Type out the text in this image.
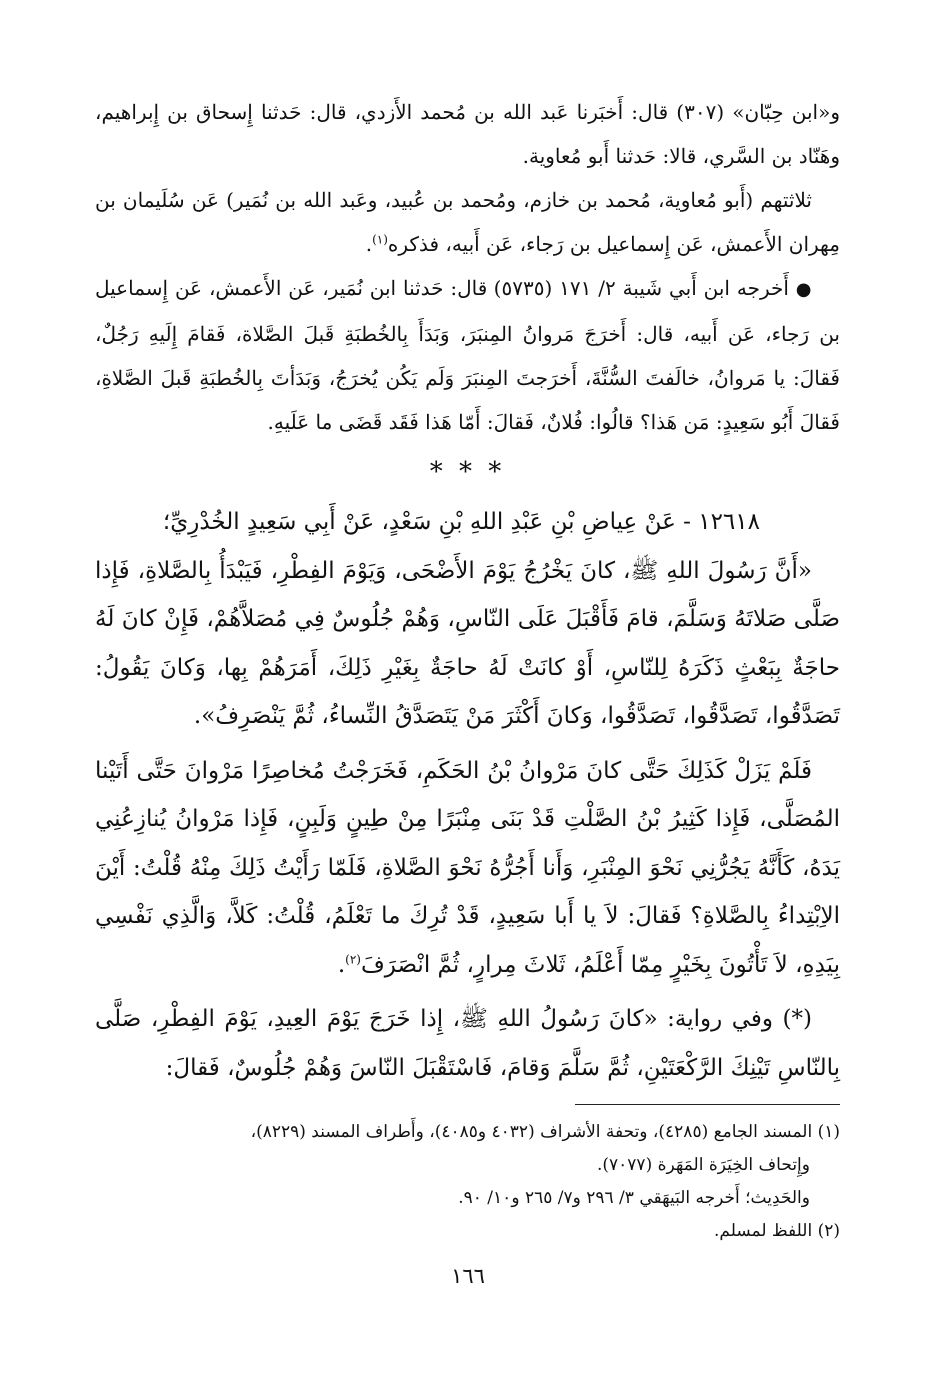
و«ابن حِبّان» (٣٠٧) قال: أَخبَرنا عَبد الله بن مُحمد الأَزدي، قال: حَدثنا إِسحاق بن إِبراهيم، وهَنّاد بن السَّري، قالا: حَدثنا أَبو مُعاوية.

ثلاثتهم (أَبو مُعاوية، مُحمد بن خازم، ومُحمد بن عُبيد، وعَبد الله بن نُمَير) عَن سُلَيمان بن مِهران الأَعمش، عَن إِسماعيل بن رَجاء، عَن أَبيه، فذكره$^{(١)}$.

● أَخرجه ابن أَبي شَيبة ٢/ ١٧١ (٥٧٣٥) قال: حَدثنا ابن نُمَير، عَن الأَعمش، عَن إِسماعيل بن رَجاء، عَن أَبيه، قال: أَخرَجَ مَروانُ المِنبَرَ، وَبَدَأَ بِالخُطبَةِ قَبلَ الصَّلاة، فَقامَ إِلَيهِ رَجُلٌ، فَقالَ: يا مَروانُ، خالَفتَ السُّنَّةَ، أَخرَجتَ المِنبَرَ وَلَم يَكُن يُخرَجُ، وَبَدَأتَ بِالخُطبَةِ قَبلَ الصَّلاةِ، فَقالَ أَبُو سَعِيدٍ: مَن هَذا؟ قالُوا: فُلانٌ، فَقالَ: أَمّا هَذا فَقَد قَضَى ما عَلَيهِ.

* * *

١٢٦١٨ - عَنْ عِياضِ بْنِ عَبْدِ اللهِ بْنِ سَعْدٍ، عَنْ أَبِي سَعِيدٍ الخُدْرِيِّ؛

«أَنَّ رَسُولَ اللهِ ﷺ، كانَ يَخْرُجُ يَوْمَ الأَضْحَى، وَيَوْمَ الفِطْرِ، فَيَبْدَأُ بِالصَّلاةِ، فَإِذا صَلَّى صَلاتَهُ وَسَلَّمَ، قامَ فَأَقْبَلَ عَلَى النّاسِ، وَهُمْ جُلُوسٌ فِي مُصَلاَّهُمْ، فَإِنْ كانَ لَهُ حاجَةٌ بِبَعْثٍ ذَكَرَهُ لِلنّاسِ، أَوْ كانَتْ لَهُ حاجَةٌ بِغَيْرِ ذَلِكَ، أَمَرَهُمْ بِها، وَكانَ يَقُولُ: تَصَدَّقُوا، تَصَدَّقُوا، تَصَدَّقُوا، وَكانَ أَكْثَرَ مَنْ يَتَصَدَّقُ النِّساءُ، ثُمَّ يَنْصَرِفُ».

فَلَمْ يَزَلْ كَذَلِكَ حَتَّى كانَ مَرْوانُ بْنُ الحَكَمِ، فَخَرَجْتُ مُخاصِرًا مَرْوانَ حَتَّى أَتَيْنا المُصَلَّى، فَإِذا كَثِيرُ بْنُ الصَّلْتِ قَدْ بَنَى مِنْبَرًا مِنْ طِينٍ وَلَبِنٍ، فَإِذا مَرْوانُ يُنازِعُنِي يَدَهُ، كَأَنَّهُ يَجُرُّنِي نَحْوَ المِنْبَرِ، وَأَنا أَجُرُّهُ نَحْوَ الصَّلاةِ، فَلَمّا رَأَيْتُ ذَلِكَ مِنْهُ قُلْتُ: أَيْنَ الاِبْتِداءُ بِالصَّلاةِ؟ فَقالَ: لاَ يا أَبا سَعِيدٍ، قَدْ تُرِكَ ما تَعْلَمُ، قُلْتُ: كَلاَّ، وَالَّذِي نَفْسِي بِيَدِهِ، لاَ تَأْتُونَ بِخَيْرٍ مِمّا أَعْلَمُ، ثَلاثَ مِرارٍ، ثُمَّ انْصَرَفَ$^{(٢)}$.

(*) وفي رواية: «كانَ رَسُولُ اللهِ ﷺ، إِذا خَرَجَ يَوْمَ العِيدِ، يَوْمَ الفِطْرِ، صَلَّى بِالنّاسِ تَيْنِكَ الرَّكْعَتَيْنِ، ثُمَّ سَلَّمَ وَقامَ، فَاسْتَقْبَلَ النّاسَ وَهُمْ جُلُوسٌ، فَقالَ:

(١) المسند الجامع (٤٢٨٥)، وتحفة الأشراف (٤٠٣٢ و٤٠٨٥)، وأَطراف المسند (٨٢٢٩)،

وإِتحاف الخِيَرَة المَهَرة (٧٠٧٧).

والحَدِيث؛ أَخرجه البَيهَقي ٣/ ٢٩٦ و٧/ ٢٦٥ و١٠/ ٩٠.

(٢) اللفظ لمسلم.

١٦٦
